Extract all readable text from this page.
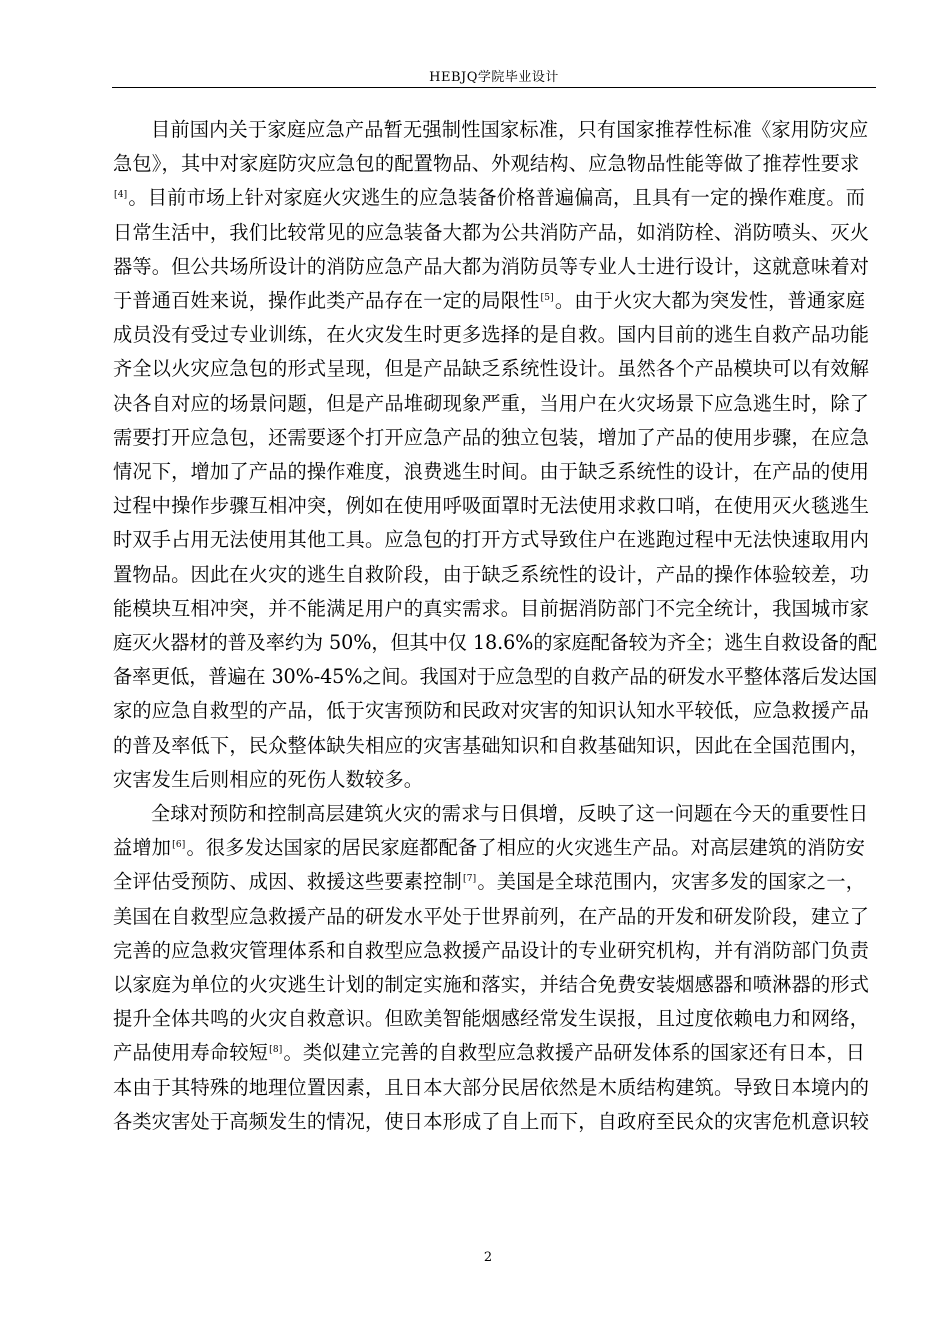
HEBJQ学院毕业设计

目前国内关于家庭应急产品暂无强制性国家标准，只有国家推荐性标准《家用防灾应
急包》，其中对家庭防灾应急包的配置物品、外观结构、应急物品性能等做了推荐性要求
[4]。目前市场上针对家庭火灾逃生的应急装备价格普遍偏高，且具有一定的操作难度。而
日常生活中，我们比较常见的应急装备大都为公共消防产品，如消防栓、消防喷头、灭火
器等。但公共场所设计的消防应急产品大都为消防员等专业人士进行设计，这就意味着对
于普通百姓来说，操作此类产品存在一定的局限性[5]。由于火灾大都为突发性，普通家庭
成员没有受过专业训练，在火灾发生时更多选择的是自救。国内目前的逃生自救产品功能
齐全以火灾应急包的形式呈现，但是产品缺乏系统性设计。虽然各个产品模块可以有效解
决各自对应的场景问题，但是产品堆砌现象严重，当用户在火灾场景下应急逃生时，除了
需要打开应急包，还需要逐个打开应急产品的独立包装，增加了产品的使用步骤，在应急
情况下，增加了产品的操作难度，浪费逃生时间。由于缺乏系统性的设计，在产品的使用
过程中操作步骤互相冲突，例如在使用呼吸面罩时无法使用求救口哨，在使用灭火毯逃生
时双手占用无法使用其他工具。应急包的打开方式导致住户在逃跑过程中无法快速取用内
置物品。因此在火灾的逃生自救阶段，由于缺乏系统性的设计，产品的操作体验较差，功
能模块互相冲突，并不能满足用户的真实需求。目前据消防部门不完全统计，我国城市家
庭灭火器材的普及率约为 50%，但其中仅 18.6%的家庭配备较为齐全；逃生自救设备的配
备率更低，普遍在 30%-45%之间。我国对于应急型的自救产品的研发水平整体落后发达国
家的应急自救型的产品，低于灾害预防和民政对灾害的知识认知水平较低，应急救援产品
的普及率低下，民众整体缺失相应的灾害基础知识和自救基础知识，因此在全国范围内，
灾害发生后则相应的死伤人数较多。

全球对预防和控制高层建筑火灾的需求与日俱增，反映了这一问题在今天的重要性日
益增加[6]。很多发达国家的居民家庭都配备了相应的火灾逃生产品。对高层建筑的消防安
全评估受预防、成因、救援这些要素控制[7]。美国是全球范围内，灾害多发的国家之一，
美国在自救型应急救援产品的研发水平处于世界前列，在产品的开发和研发阶段，建立了
完善的应急救灾管理体系和自救型应急救援产品设计的专业研究机构，并有消防部门负责
以家庭为单位的火灾逃生计划的制定实施和落实，并结合免费安装烟感器和喷淋器的形式
提升全体共鸣的火灾自救意识。但欧美智能烟感经常发生误报，且过度依赖电力和网络，
产品使用寿命较短[8]。类似建立完善的自救型应急救援产品研发体系的国家还有日本，日
本由于其特殊的地理位置因素，且日本大部分民居依然是木质结构建筑。导致日本境内的
各类灾害处于高频发生的情况，使日本形成了自上而下，自政府至民众的灾害危机意识较

2
